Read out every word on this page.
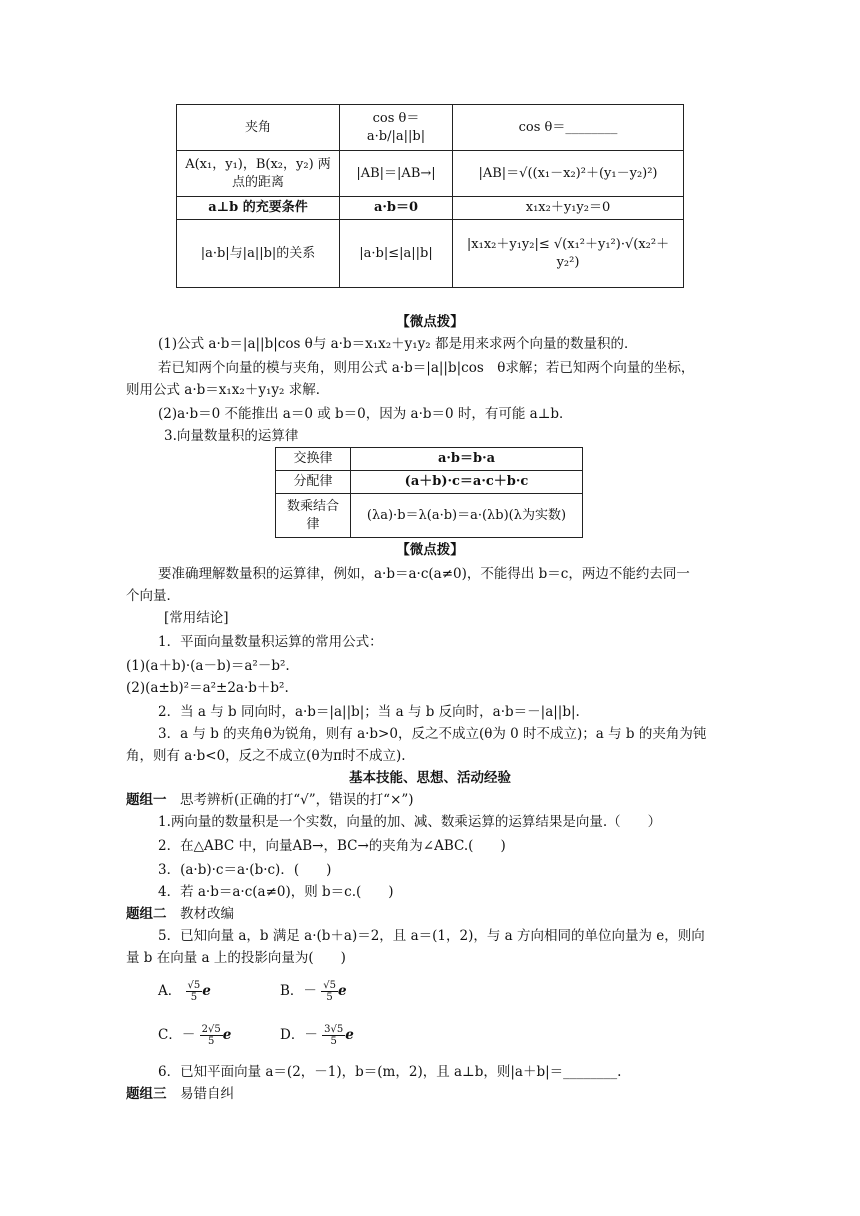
夹角	cos θ＝a·b/|a||b|	cos θ＝________
A(x₁，y₁)，B(x₂，y₂) 两点的距离	|AB|＝|AB→|	|AB|＝√((x₁－x₂)²＋(y₁－y₂)²)
a⊥b 的充要条件	a·b＝0	x₁x₂＋y₁y₂＝0
|a·b|与|a||b|的关系	|a·b|≤|a||b|	|x₁x₂＋y₁y₂|≤ √(x₁²＋y₁²)·√(x₂²＋y₂²)
【微点拨】
(1)公式 a·b＝|a||b|cos θ与 a·b＝x₁x₂＋y₁y₂ 都是用来求两个向量的数量积的．
若已知两个向量的模与夹角，则用公式 a·b＝|a||b|cos　θ求解；若已知两个向量的坐标，
则用公式 a·b＝x₁x₂＋y₁y₂ 求解．
(2)a·b＝0 不能推出 a＝0 或 b＝0，因为 a·b＝0 时，有可能 a⊥b．
3.向量数量积的运算律
交换律	a·b＝b·a
分配律	(a＋b)·c＝a·c＋b·c
数乘结合律	(λa)·b＝λ(a·b)＝a·(λb)(λ为实数)
【微点拨】
要准确理解数量积的运算律，例如，a·b＝a·c(a≠0)，不能得出 b＝c，两边不能约去同一
个向量．
[常用结论]
1．平面向量数量积运算的常用公式：
(1)(a＋b)·(a－b)＝a²－b².
(2)(a±b)²＝a²±2a·b＋b².
2．当 a 与 b 同向时，a·b＝|a||b|；当 a 与 b 反向时，a·b＝－|a||b|.
3．a 与 b 的夹角θ为锐角，则有 a·b>0，反之不成立(θ为 0 时不成立)；a 与 b 的夹角为钝
角，则有 a·b<0，反之不成立(θ为π时不成立).
基本技能、思想、活动经验
题组一　思考辨析(正确的打“√”，错误的打“×”)
1.两向量的数量积是一个实数，向量的加、减、数乘运算的运算结果是向量.（　　）
2．在△ABC 中，向量AB→，BC→的夹角为∠ABC.(　　)
3．(a·b)·c＝a·(b·c)．(　　)
4．若 a·b＝a·c(a≠0)，则 b＝c.(　　)
题组二　教材改编
5．已知向量 a，b 满足 a·(b＋a)＝2，且 a＝(1，2)，与 a 方向相同的单位向量为 e，则向
量 b 在向量 a 上的投影向量为(　　)
A． $\frac{√5}{5}$ e	B．－ $\frac{√5}{5}$ e
C．－ $\frac{2√5}{5}$ e	D．－ $\frac{3√5}{5}$ e
6．已知平面向量 a＝(2，－1)，b＝(m，2)，且 a⊥b，则|a＋b|＝________.
题组三　易错自纠
